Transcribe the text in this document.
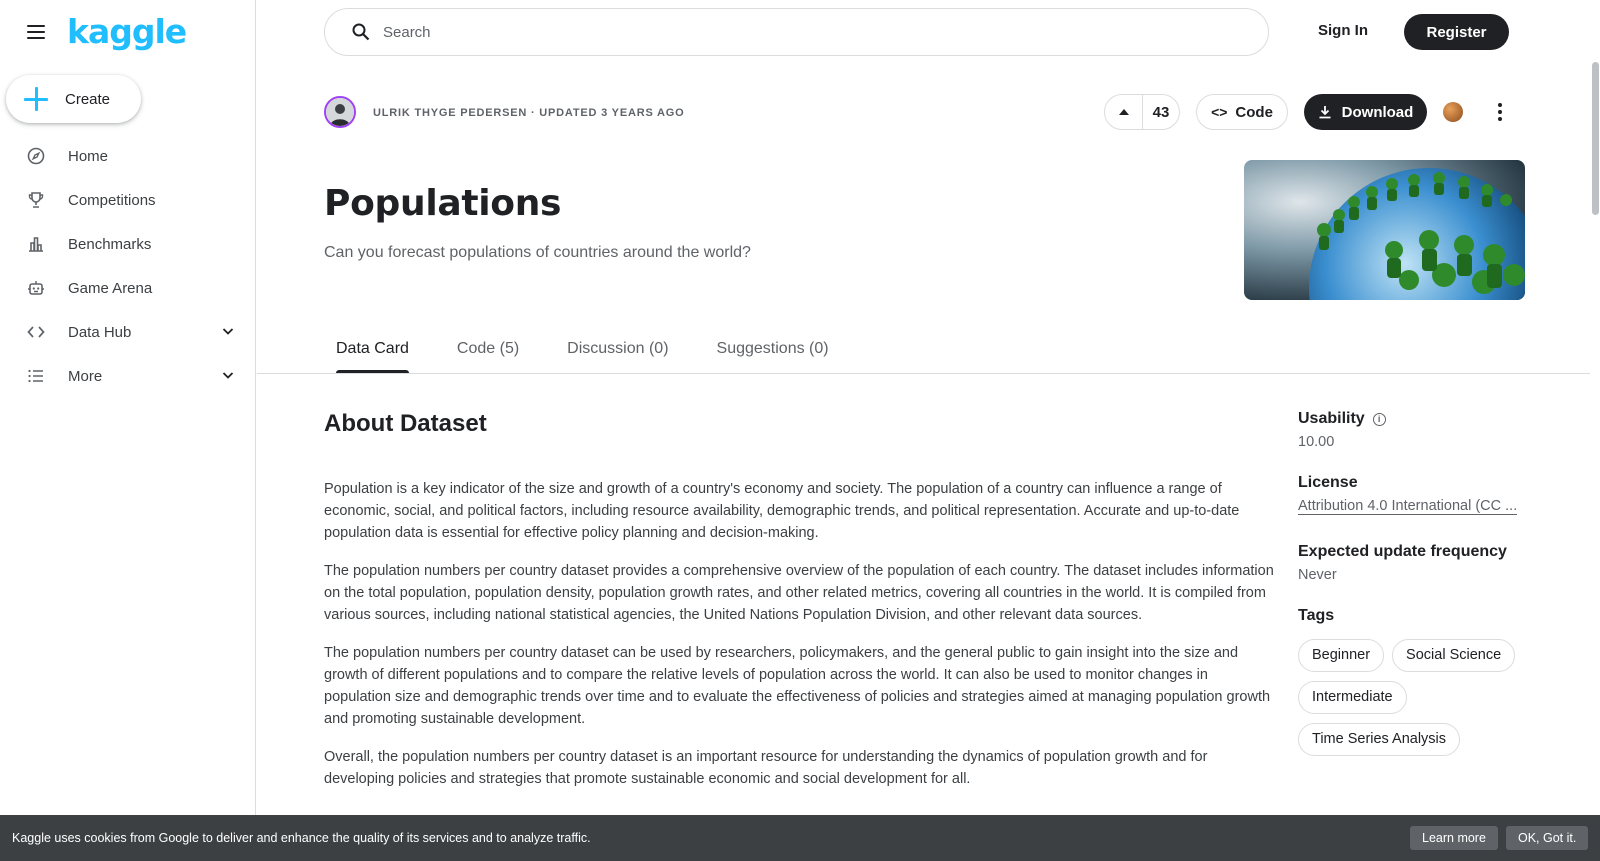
kaggle
Create
Home
Competitions
Benchmarks
Game Arena
Data Hub
More
Search
Sign In	Register
ULRIK THYGE PEDERSEN · UPDATED 3 YEARS AGO	43	<> Code	Download
Populations
Can you forecast populations of countries around the world?
Data Card	Code (5)	Discussion (0)	Suggestions (0)
About Dataset

Population is a key indicator of the size and growth of a country's economy and society. The population of a country can influence a range of economic, social, and political factors, including resource availability, demographic trends, and political representation. Accurate and up-to-date population data is essential for effective policy planning and decision-making.

The population numbers per country dataset provides a comprehensive overview of the population of each country. The dataset includes information on the total population, population density, population growth rates, and other related metrics, covering all countries in the world. It is compiled from various sources, including national statistical agencies, the United Nations Population Division, and other relevant data sources.

The population numbers per country dataset can be used by researchers, policymakers, and the general public to gain insight into the size and growth of different populations and to compare the relative levels of population across the world. It can also be used to monitor changes in population size and demographic trends over time and to evaluate the effectiveness of policies and strategies aimed at managing population growth and promoting sustainable development.

Overall, the population numbers per country dataset is an important resource for understanding the dynamics of population growth and for developing policies and strategies that promote sustainable economic and social development for all.

Usability	i
10.00
License
Attribution 4.0 International (CC ...
Expected update frequency
Never
Tags
Beginner	Social Science
Intermediate
Time Series Analysis
Kaggle uses cookies from Google to deliver and enhance the quality of its services and to analyze traffic.	Learn more	OK, Got it.
